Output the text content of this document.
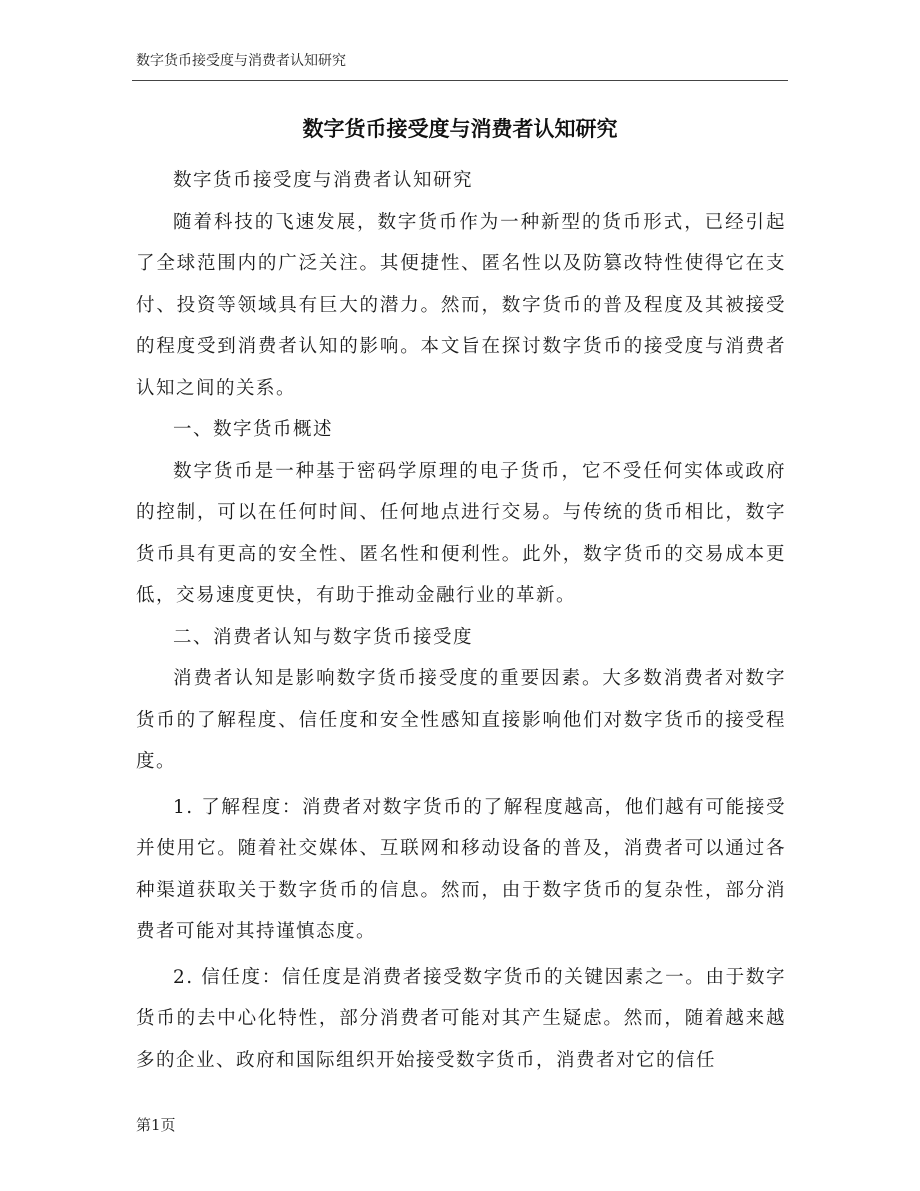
数字货币接受度与消费者认知研究
数字货币接受度与消费者认知研究

数字货币接受度与消费者认知研究

随着科技的飞速发展，数字货币作为一种新型的货币形式，已经引起了全球范围内的广泛关注。其便捷性、匿名性以及防篡改特性使得它在支付、投资等领域具有巨大的潜力。然而，数字货币的普及程度及其被接受的程度受到消费者认知的影响。本文旨在探讨数字货币的接受度与消费者认知之间的关系。

一、数字货币概述

数字货币是一种基于密码学原理的电子货币，它不受任何实体或政府的控制，可以在任何时间、任何地点进行交易。与传统的货币相比，数字货币具有更高的安全性、匿名性和便利性。此外，数字货币的交易成本更低，交易速度更快，有助于推动金融行业的革新。

二、消费者认知与数字货币接受度

消费者认知是影响数字货币接受度的重要因素。大多数消费者对数字货币的了解程度、信任度和安全性感知直接影响他们对数字货币的接受程度。

1. 了解程度：消费者对数字货币的了解程度越高，他们越有可能接受并使用它。随着社交媒体、互联网和移动设备的普及，消费者可以通过各种渠道获取关于数字货币的信息。然而，由于数字货币的复杂性，部分消费者可能对其持谨慎态度。

2. 信任度：信任度是消费者接受数字货币的关键因素之一。由于数字货币的去中心化特性，部分消费者可能对其产生疑虑。然而，随着越来越多的企业、政府和国际组织开始接受数字货币，消费者对它的信任

第1页
